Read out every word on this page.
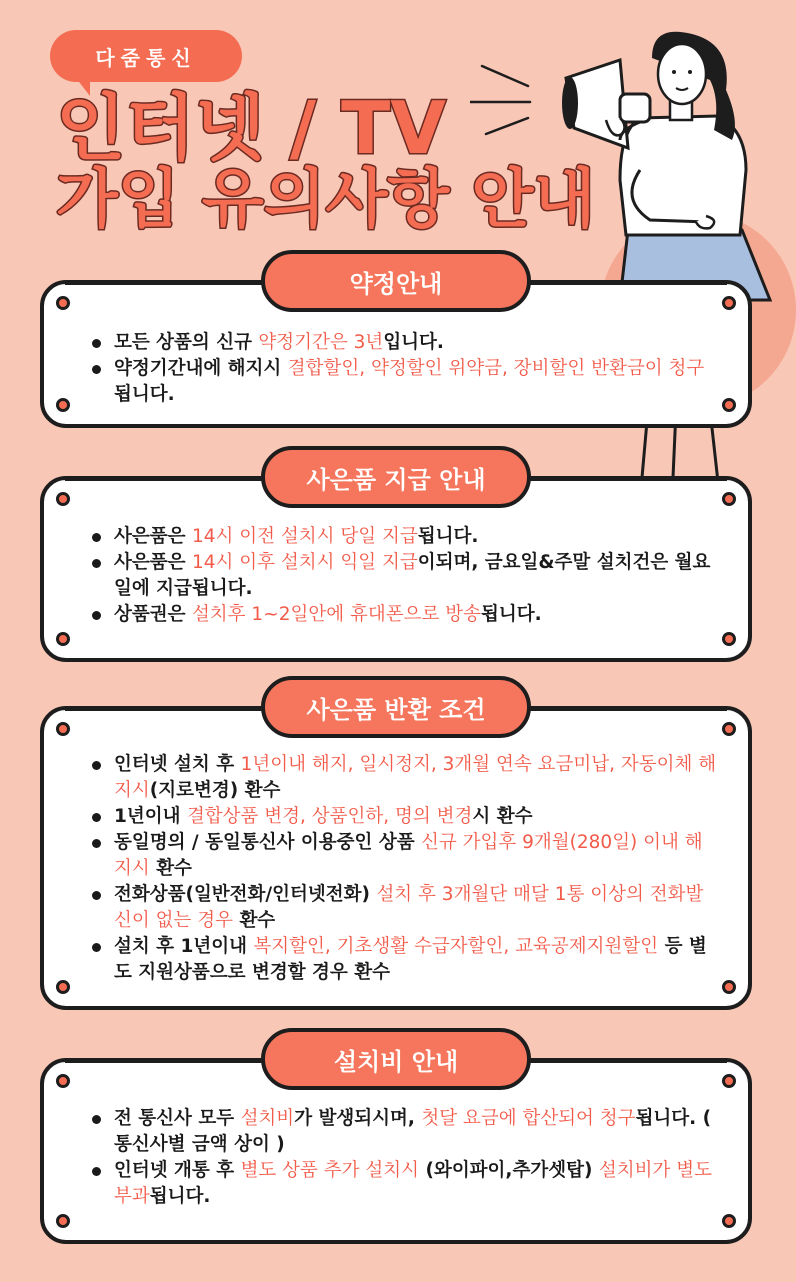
다줌통신
인터넷 / TV
가입 유의사항 안내
약정안내
모든 상품의 신규 약정기간은 3년입니다.
약정기간내에 해지시 결합할인, 약정할인 위약금, 장비할인 반환금이 청구됩니다.
사은품 지급 안내
사은품은 14시 이전 설치시 당일 지급됩니다.
사은품은 14시 이후 설치시 익일 지급이되며, 금요일&주말 설치건은 월요일에 지급됩니다.
상품권은 설치후 1~2일안에 휴대폰으로 방송됩니다.
사은품 반환 조건
인터넷 설치 후 1년이내 해지, 일시정지, 3개월 연속 요금미납, 자동이체 해지시(지로변경) 환수
1년이내 결합상품 변경, 상품인하, 명의 변경시 환수
동일명의 / 동일통신사 이용중인 상품 신규 가입후 9개월(280일) 이내 해지시 환수
전화상품(일반전화/인터넷전화) 설치 후 3개월단 매달 1통 이상의 전화발신이 없는 경우 환수
설치 후 1년이내 복지할인, 기초생활 수급자할인, 교육공제지원할인 등 별도 지원상품으로 변경할 경우 환수
설치비 안내
전 통신사 모두 설치비가 발생되시며, 첫달 요금에 합산되어 청구됩니다. ( 통신사별 금액 상이 )
인터넷 개통 후 별도 상품 추가 설치시 (와이파이,추가셋탑) 설치비가 별도 부과됩니다.
